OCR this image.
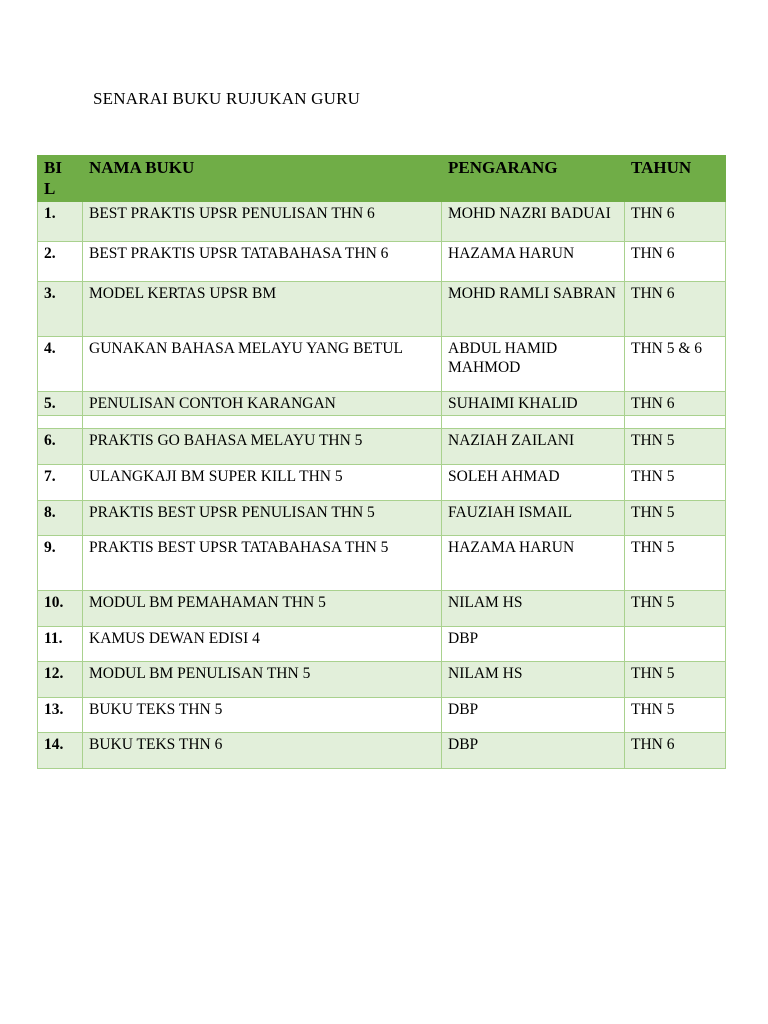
SENARAI BUKU RUJUKAN GURU
BI L	NAMA BUKU	PENGARANG	TAHUN
1.	BEST PRAKTIS UPSR PENULISAN THN 6	MOHD NAZRI BADUAI	THN 6
2.	BEST PRAKTIS UPSR TATABAHASA THN 6	HAZAMA HARUN	THN 6
3.	MODEL KERTAS UPSR BM	MOHD RAMLI SABRAN	THN 6
4.	GUNAKAN BAHASA MELAYU YANG BETUL	ABDUL HAMID MAHMOD	THN 5 & 6
5.	PENULISAN CONTOH KARANGAN	SUHAIMI KHALID	THN 6

6.	PRAKTIS GO BAHASA MELAYU THN 5	NAZIAH ZAILANI	THN 5
7.	ULANGKAJI BM SUPER KILL THN 5	SOLEH AHMAD	THN 5
8.	PRAKTIS BEST UPSR PENULISAN THN 5	FAUZIAH ISMAIL	THN 5
9.	PRAKTIS BEST UPSR TATABAHASA THN 5	HAZAMA HARUN	THN 5
10.	MODUL BM PEMAHAMAN THN 5	NILAM HS	THN 5
11.	KAMUS DEWAN EDISI 4	DBP	
12.	MODUL BM PENULISAN THN 5	NILAM HS	THN 5
13.	BUKU TEKS THN 5	DBP	THN 5
14.	BUKU TEKS THN 6	DBP	THN 6
